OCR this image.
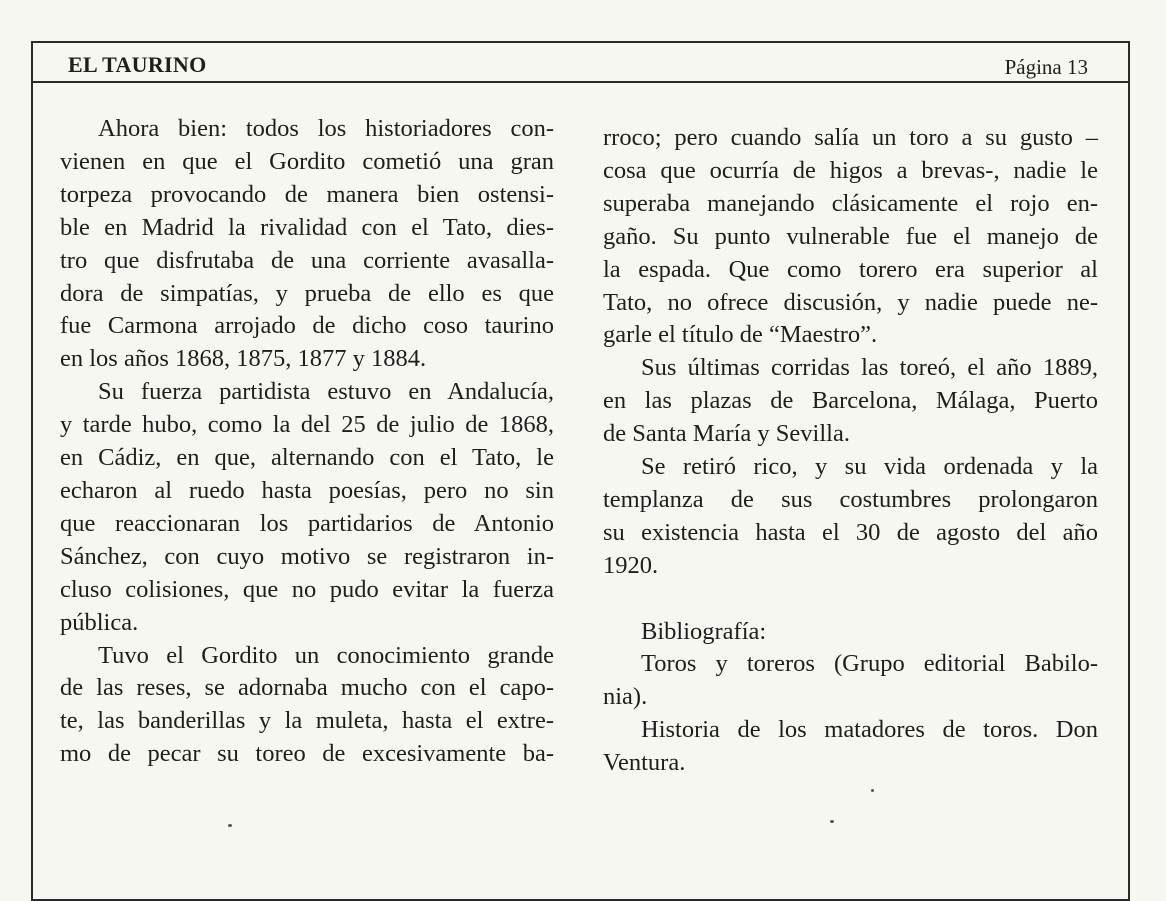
EL TAURINO	Página 13
Ahora bien: todos los historiadores con-
vienen en que el Gordito cometió una gran
torpeza provocando de manera bien ostensi-
ble en Madrid la rivalidad con el Tato, dies-
tro que disfrutaba de una corriente avasalla-
dora de simpatías, y prueba de ello es que
fue Carmona arrojado de dicho coso taurino
en los años 1868, 1875, 1877 y 1884.
Su fuerza partidista estuvo en Andalucía,
y tarde hubo, como la del 25 de julio de 1868,
en Cádiz, en que, alternando con el Tato, le
echaron al ruedo hasta poesías, pero no sin
que reaccionaran los partidarios de Antonio
Sánchez, con cuyo motivo se registraron in-
cluso colisiones, que no pudo evitar la fuerza
pública.
Tuvo el Gordito un conocimiento grande
de las reses, se adornaba mucho con el capo-
te, las banderillas y la muleta, hasta el extre-
mo de pecar su toreo de excesivamente ba-
rroco; pero cuando salía un toro a su gusto –
cosa que ocurría de higos a brevas-, nadie le
superaba manejando clásicamente el rojo en-
gaño. Su punto vulnerable fue el manejo de
la espada. Que como torero era superior al
Tato, no ofrece discusión, y nadie puede ne-
garle el título de “Maestro”.
Sus últimas corridas las toreó, el año 1889,
en las plazas de Barcelona, Málaga, Puerto
de Santa María y Sevilla.
Se retiró rico, y su vida ordenada y la
templanza de sus costumbres prolongaron
su existencia hasta el 30 de agosto del año
1920.
Bibliografía:
Toros y toreros (Grupo editorial Babilo-
nia).
Historia de los matadores de toros. Don
Ventura.
